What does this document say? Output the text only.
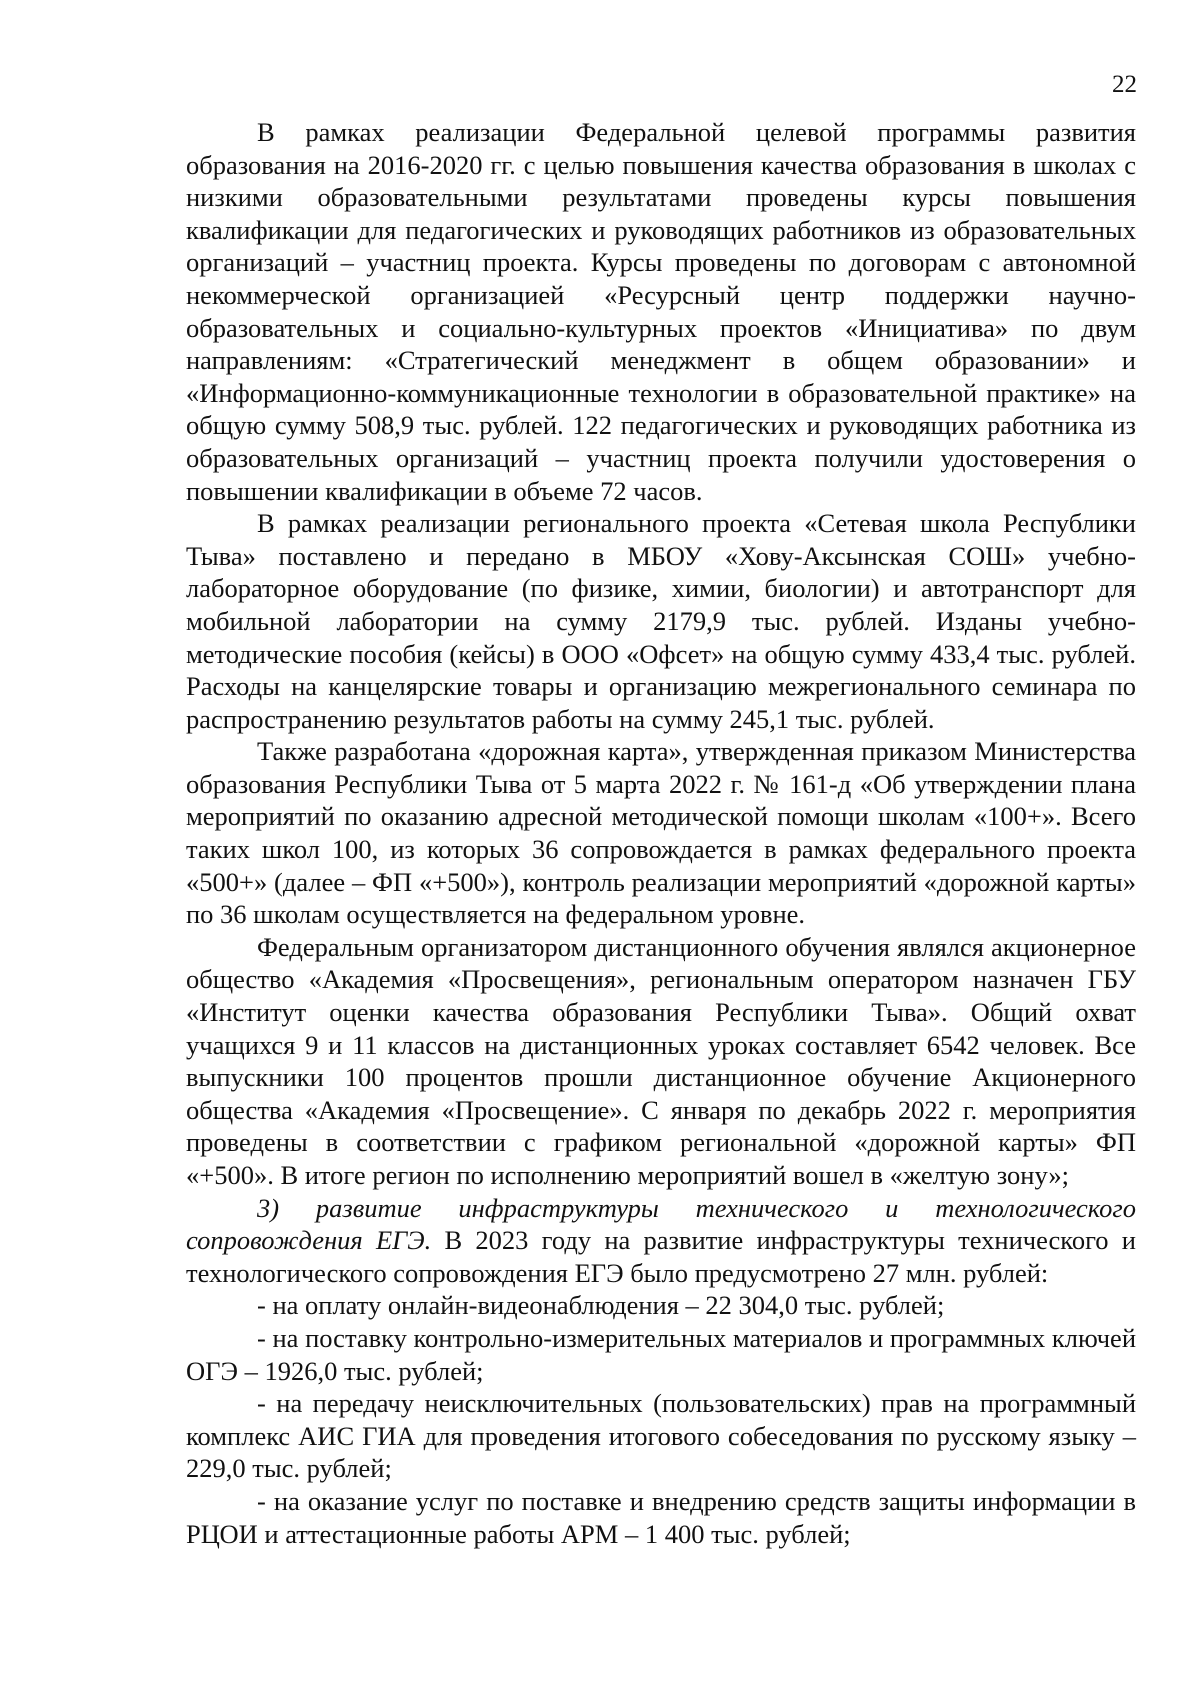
22

В рамках реализации Федеральной целевой программы развития образования на 2016-2020 гг. с целью повышения качества образования в школах с низкими образовательными результатами проведены курсы повышения квалификации для педагогических и руководящих работников из образовательных организаций – участниц проекта. Курсы проведены по договорам с автономной некоммерческой организацией «Ресурсный центр поддержки научно-образовательных и социально-культурных проектов «Инициатива» по двум направлениям: «Стратегический менеджмент в общем образовании» и «Информационно-коммуникационные технологии в образовательной практике» на общую сумму 508,9 тыс. рублей. 122 педагогических и руководящих работника из образовательных организаций – участниц проекта получили удостоверения о повышении квалификации в объеме 72 часов.

В рамках реализации регионального проекта «Сетевая школа Республики Тыва» поставлено и передано в МБОУ «Хову-Аксынская СОШ» учебно-лабораторное оборудование (по физике, химии, биологии) и автотранспорт для мобильной лаборатории на сумму 2179,9 тыс. рублей. Изданы учебно-методические пособия (кейсы) в ООО «Офсет» на общую сумму 433,4 тыс. рублей. Расходы на канцелярские товары и организацию межрегионального семинара по распространению результатов работы на сумму 245,1 тыс. рублей.

Также разработана «дорожная карта», утвержденная приказом Министерства образования Республики Тыва от 5 марта 2022 г. № 161-д «Об утверждении плана мероприятий по оказанию адресной методической помощи школам «100+». Всего таких школ 100, из которых 36 сопровождается в рамках федерального проекта «500+» (далее – ФП «+500»), контроль реализации мероприятий «дорожной карты» по 36 школам осуществляется на федеральном уровне.

Федеральным организатором дистанционного обучения являлся акционерное общество «Академия «Просвещения», региональным оператором назначен ГБУ «Институт оценки качества образования Республики Тыва». Общий охват учащихся 9 и 11 классов на дистанционных уроках составляет 6542 человек. Все выпускники 100 процентов прошли дистанционное обучение Акционерного общества «Академия «Просвещение». С января по декабрь 2022 г. мероприятия проведены в соответствии с графиком региональной «дорожной карты» ФП «+500». В итоге регион по исполнению мероприятий вошел в «желтую зону»;

3) развитие инфраструктуры технического и технологического сопровождения ЕГЭ. В 2023 году на развитие инфраструктуры технического и технологического сопровождения ЕГЭ было предусмотрено 27 млн. рублей:

- на оплату онлайн-видеонаблюдения – 22 304,0 тыс. рублей;

- на поставку контрольно-измерительных материалов и программных ключей ОГЭ – 1926,0 тыс. рублей;

- на передачу неисключительных (пользовательских) прав на программный комплекс АИС ГИА для проведения итогового собеседования по русскому языку – 229,0 тыс. рублей;

- на оказание услуг по поставке и внедрению средств защиты информации в РЦОИ и аттестационные работы АРМ – 1 400 тыс. рублей;
